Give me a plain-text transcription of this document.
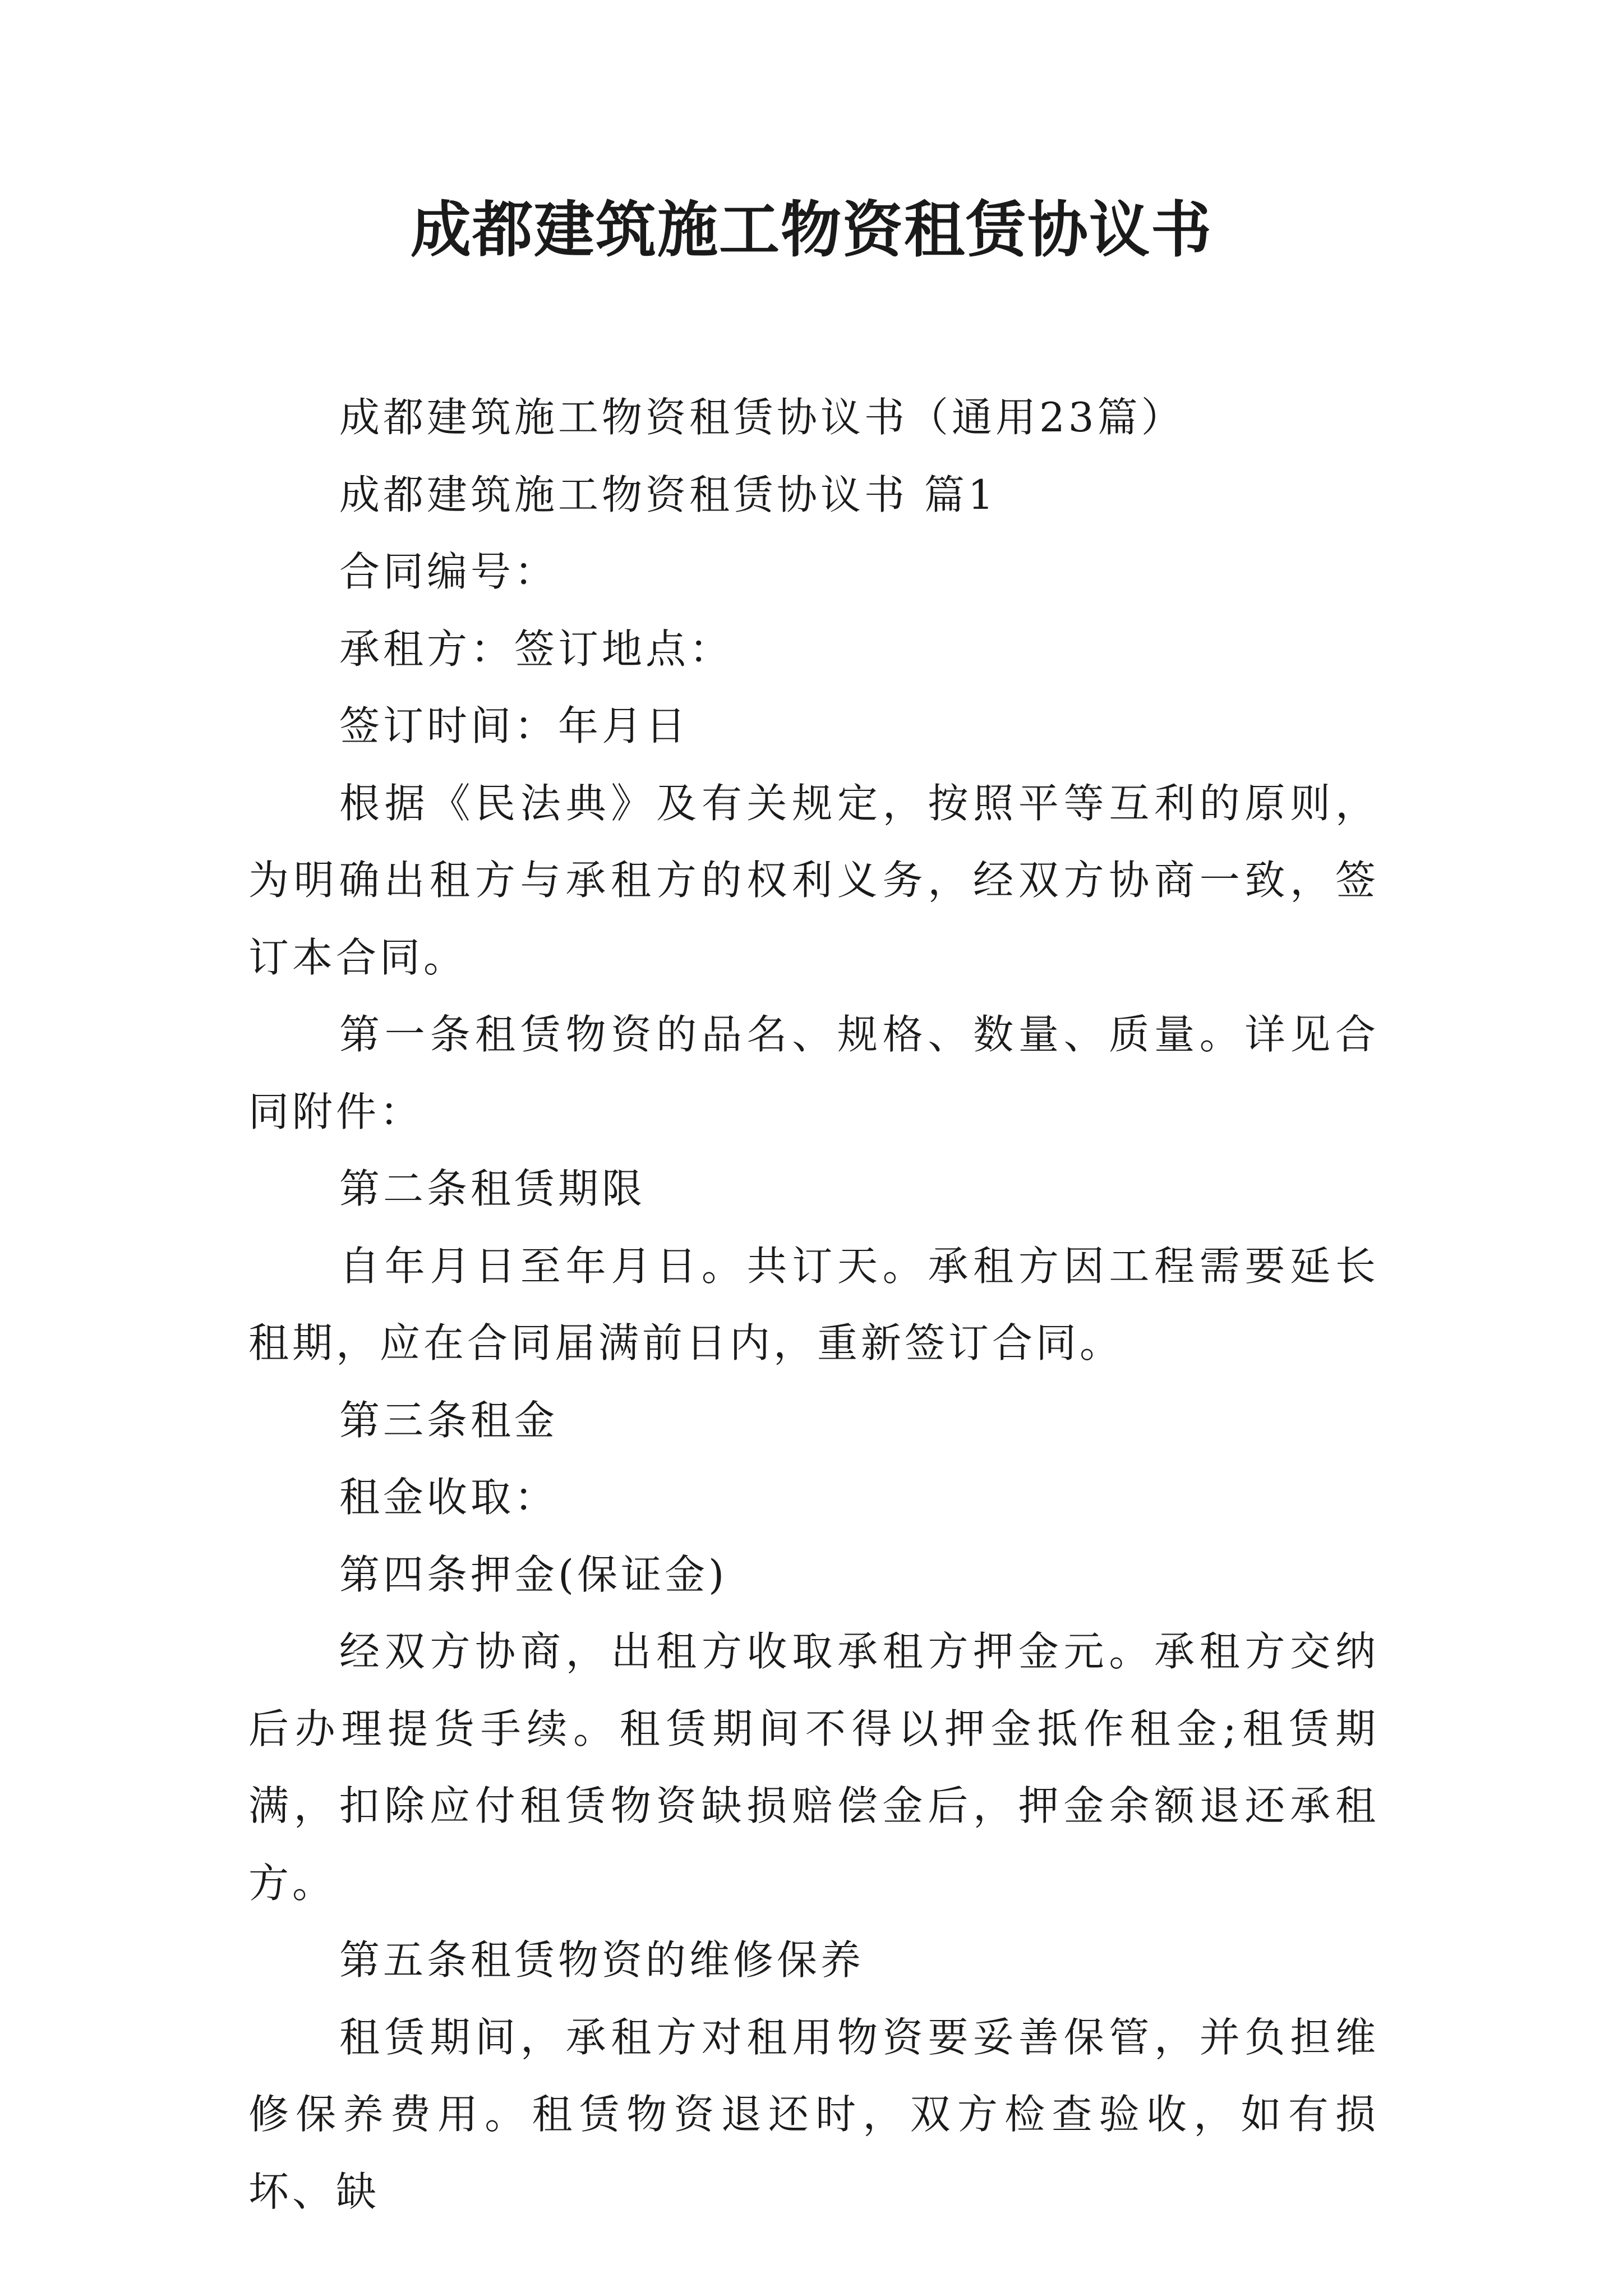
成都建筑施工物资租赁协议书

成都建筑施工物资租赁协议书（通用23篇）

成都建筑施工物资租赁协议书 篇1

合同编号：

承租方：签订地点：

签订时间：年月日

根据《民法典》及有关规定，按照平等互利的原则，为明确出租方与承租方的权利义务，经双方协商一致，签订本合同。

第一条租赁物资的品名、规格、数量、质量。详见合同附件：

第二条租赁期限

自年月日至年月日。共订天。承租方因工程需要延长租期，应在合同届满前日内，重新签订合同。

第三条租金

租金收取：

第四条押金(保证金)

经双方协商，出租方收取承租方押金元。承租方交纳后办理提货手续。租赁期间不得以押金抵作租金;租赁期满，扣除应付租赁物资缺损赔偿金后，押金余额退还承租方。

第五条租赁物资的维修保养

租赁期间，承租方对租用物资要妥善保管，并负担维修保养费用。租赁物资退还时，双方检查验收，如有损坏、缺
